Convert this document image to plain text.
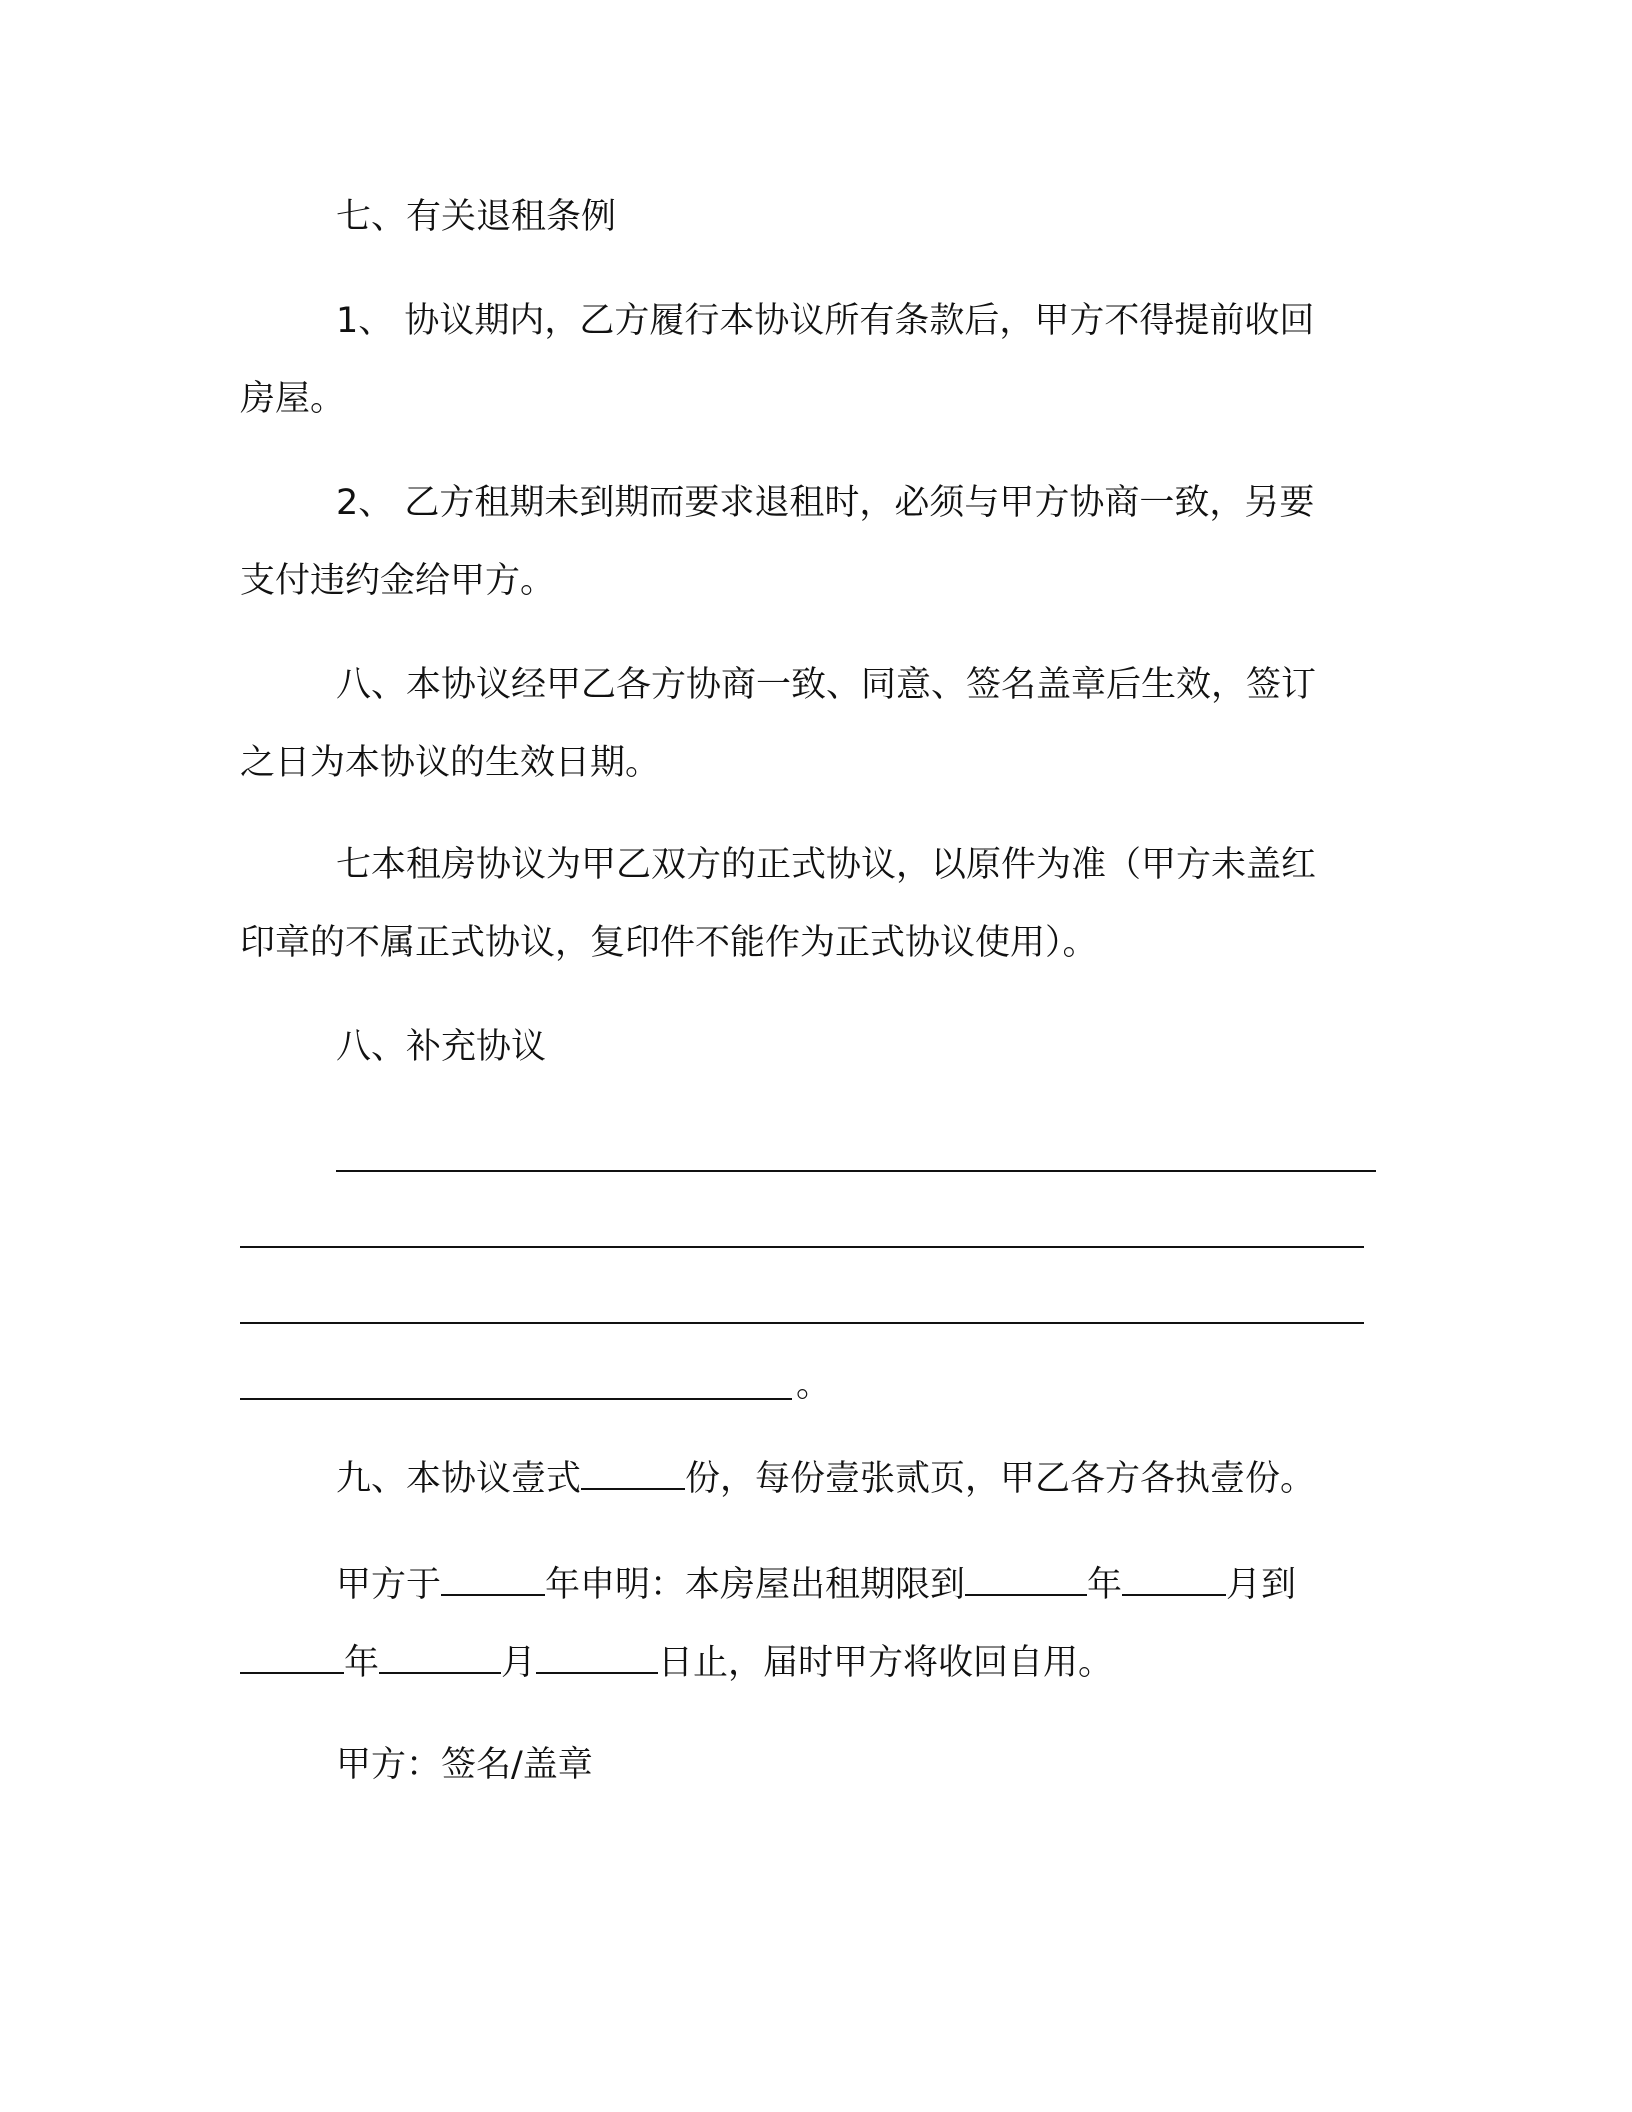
七、有关退租条例

1、 协议期内，乙方履行本协议所有条款后，甲方不得提前收回
房屋。

2、 乙方租期未到期而要求退租时，必须与甲方协商一致，另要
支付违约金给甲方。

八、本协议经甲乙各方协商一致、同意、签名盖章后生效，签订
之日为本协议的生效日期。

七本租房协议为甲乙双方的正式协议，以原件为准（甲方未盖红
印章的不属正式协议，复印件不能作为正式协议使用）。

八、补充协议

。

九、本协议壹式	份，每份壹张贰页，甲乙各方各执壹份。

甲方于	年申明：本房屋出租期限到	年	月到
年	月	日止，届时甲方将收回自用。

甲方：签名/盖章
